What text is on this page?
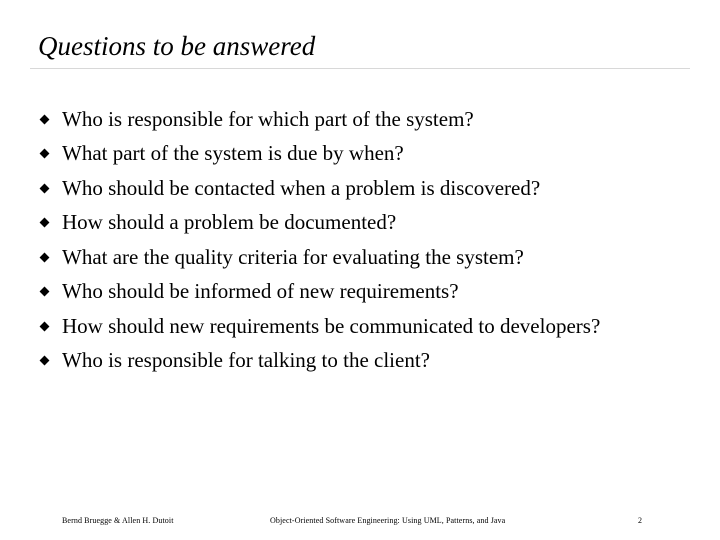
Questions to be answered
Who is responsible for which part of the system?
What part of the system is due by when?
Who should be contacted when a problem is discovered?
How should a problem be documented?
What are the quality criteria for evaluating the system?
Who should be informed of new requirements?
How should new requirements be communicated to developers?
Who is responsible for talking to the client?
Bernd Bruegge & Allen H. Dutoit	Object-Oriented Software Engineering: Using UML, Patterns, and Java	2
